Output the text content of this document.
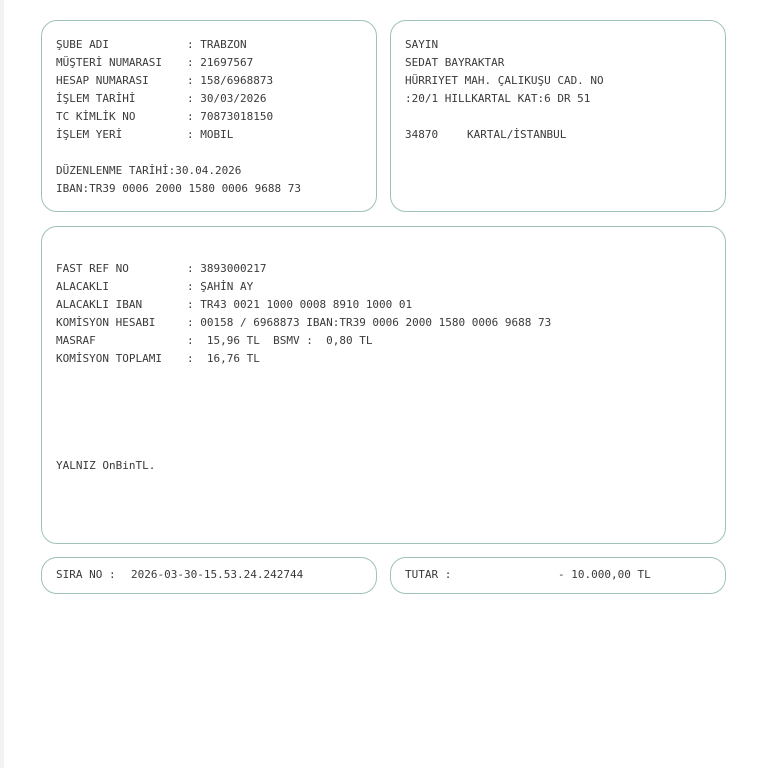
ŞUBE ADI	: TRABZON
MÜŞTERİ NUMARASI : 21697567
HESAP NUMARASI	: 158/6968873
İŞLEM TARİHİ	: 30/03/2026
TC KİMLİK NO	: 70873018150
İŞLEM YERİ	: MOBIL
DÜZENLENME TARİHİ:30.04.2026
IBAN:TR39 0006 2000 1580 0006 9688 73
SAYIN
SEDAT BAYRAKTAR
HÜRRIYET MAH. ÇALIKUŞU CAD. NO
:20/1 HILLKARTAL KAT:6 DR 51
34870	KARTAL/İSTANBUL
FAST REF NO	: 3893000217
ALACAKLI	: ŞAHİN AY
ALACAKLI IBAN	: TR43 0021 1000 0008 8910 1000 01
KOMİSYON HESABI	: 00158 / 6968873 IBAN:TR39 0006 2000 1580 0006 9688 73
MASRAF	:  15,96 TL  BSMV :  0,80 TL
KOMİSYON TOPLAMI :  16,76 TL
YALNIZ OnBinTL.
SIRA NO : 2026-03-30-15.53.24.242744	TUTAR :	- 10.000,00 TL
